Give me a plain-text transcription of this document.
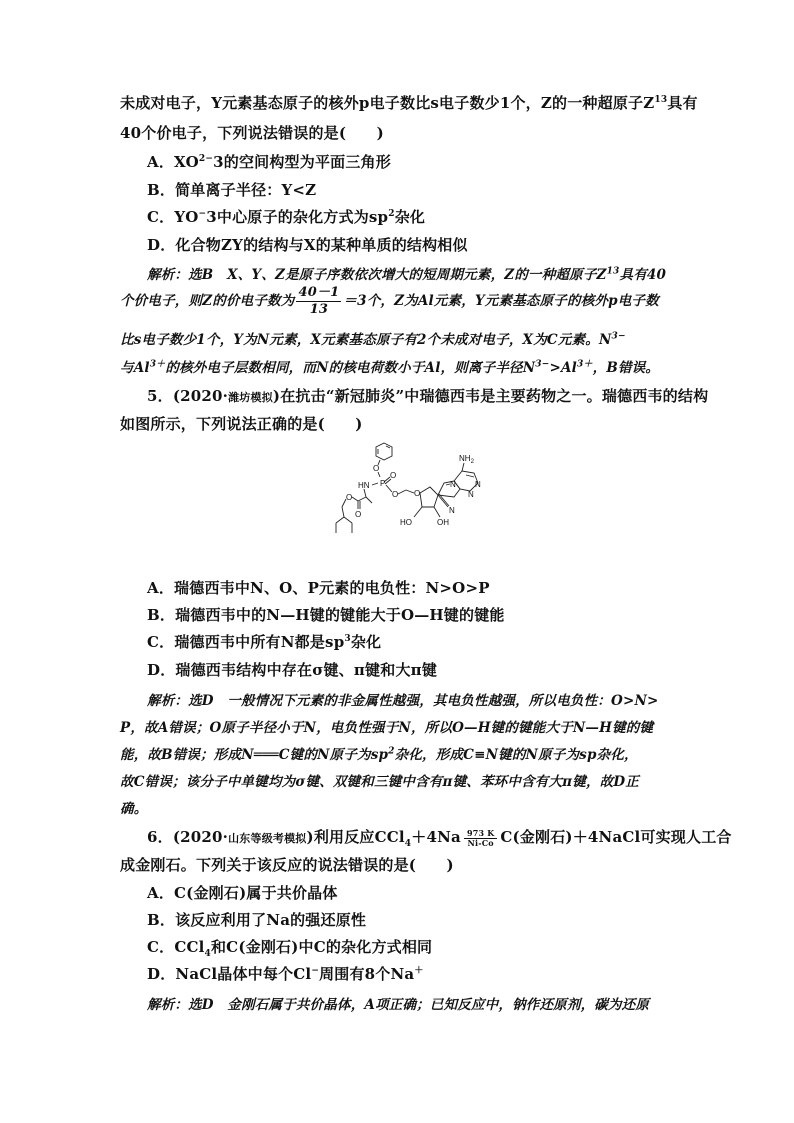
未成对电子，Y元素基态原子的核外p电子数比s电子数少1个，Z的一种超原子$Z^{13}$具有
40个价电子，下列说法错误的是(　　)
A．$XO^{2-}3$的空间构型为平面三角形
B．简单离子半径：Y<Z
C．YO−3中心原子的杂化方式为$sp^2$杂化
D．化合物ZY的结构与X的某种单质的结构相似
解析：选B　X、Y、Z是原子序数依次增大的短周期元素，Z的一种超原子$Z^{13}$具有40
个价电子，则Z的价电子数为 $\frac{40-1}{13} =3$个，Z为Al元素，Y元素基态原子的核外p电子数
比s电子数少1个，Y为N元素，X元素基态原子有2个未成对电子，X为C元素。$N^{3-}$
与$Al^{3+}$的核外电子层数相同，而N的核电荷数小于Al，则离子半径$N^{3-}>Al^{3+}$，B错误。
5．(2020·潍坊模拟)在抗击“新冠肺炎”中瑞德西韦是主要药物之一。瑞德西韦的结构
如图所示，下列说法正确的是(　　)
O
P
O
HN
O O
O
O	N
N
N
N
$NH_2$
HO	OH
A．瑞德西韦中N、O、P元素的电负性：N>O>P
B．瑞德西韦中的N—H键的键能大于O—H键的键能
C．瑞德西韦中所有N都是$sp^3$杂化
D．瑞德西韦结构中存在σ键、π键和大π键
解析：选D　一般情况下元素的非金属性越强，其电负性越强，所以电负性：O>N>
P，故A错误；O原子半径小于N，电负性强于N，所以O—H键的键能大于N—H键的键
能，故B错误；形成N═══C键的N原子为$sp^2$杂化，形成C≡N键的N原子为sp杂化，
故C错误；该分子中单键均为σ键、双键和三键中含有π键、苯环中含有大π键，故D正
确。
6．(2020·山东等级考模拟)利用反应$CCl_4+4Na \frac{973 K}{Ni-Co} C$(金刚石)＋4NaCl可实现人工合
成金刚石。下列关于该反应的说法错误的是(　　)
A．C(金刚石)属于共价晶体
B．该反应利用了Na的强还原性
C．CCl$_4$和C(金刚石)中C的杂化方式相同
D．NaCl晶体中每个Cl−周围有8个Na＋
解析：选D　金刚石属于共价晶体，A项正确；已知反应中，钠作还原剂，碳为还原
